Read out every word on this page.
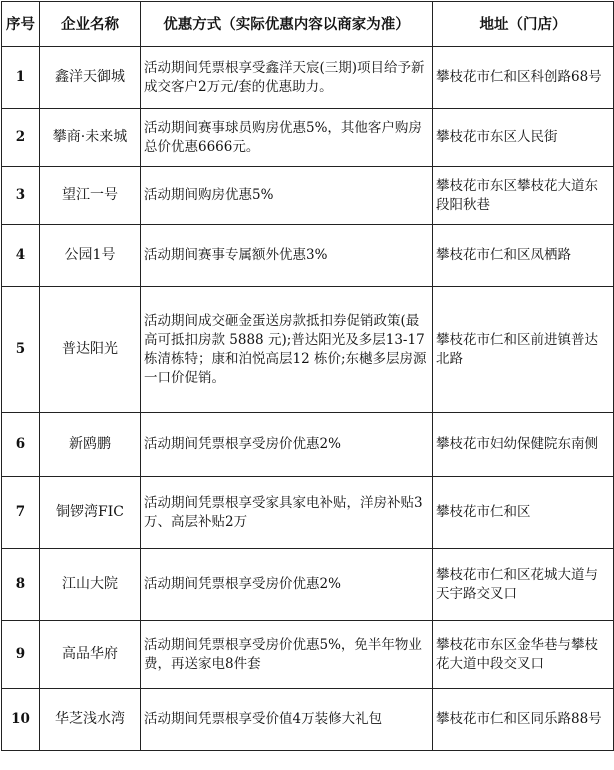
序号	企业名称	优惠方式（实际优惠内容以商家为准）	地址（门店）
1	鑫洋天御城	活动期间凭票根享受鑫洋天宸(三期)项目给予新成交客户2万元/套的优惠助力。	攀枝花市仁和区科创路68号
2	攀商·未来城	活动期间赛事球员购房优惠5%，其他客户购房总价优惠6666元。	攀枝花市东区人民街
3	望江一号	活动期间购房优惠5%	攀枝花市东区攀枝花大道东段阳秋巷
4	公园1号	活动期间赛事专属额外优惠3%	攀枝花市仁和区凤栖路
5	普达阳光	活动期间成交砸金蛋送房款抵扣券促销政策(最高可抵扣房款 5888 元);普达阳光及多层13-17 栋清栋特；康和泊悦高层12 栋价;东樾多层房源一口价促销。	攀枝花市仁和区前进镇普达北路
6	新鸥鹏	活动期间凭票根享受房价优惠2%	攀枝花市妇幼保健院东南侧
7	铜锣湾FIC	活动期间凭票根享受家具家电补贴，洋房补贴3万、高层补贴2万	攀枝花市仁和区
8	江山大院	活动期间凭票根享受房价优惠2%	攀枝花市仁和区花城大道与天宇路交叉口
9	高品华府	活动期间凭票根享受房价优惠5%，免半年物业费，再送家电8件套	攀枝花市东区金华巷与攀枝花大道中段交叉口
10	华芝浅水湾	活动期间凭票根享受价值4万装修大礼包	攀枝花市仁和区同乐路88号
